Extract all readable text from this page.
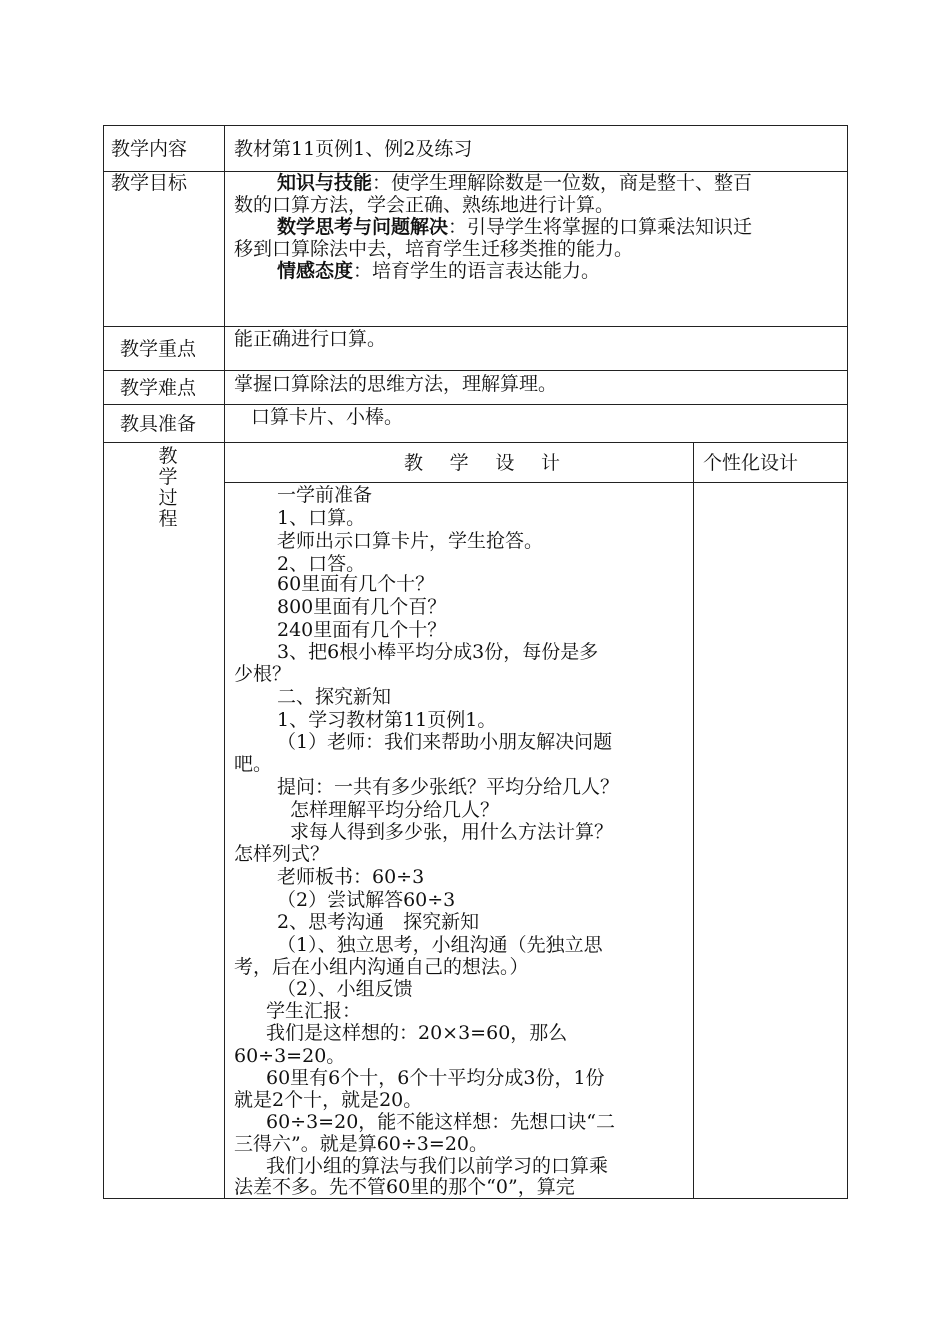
教学内容 教材第11页例1、例2及练习
教学目标	知识与技能：使学生理解除数是一位数，商是整十、整百
数的口算方法，学会正确、熟练地进行计算。
数学思考与问题解决：引导学生将掌握的口算乘法知识迁
移到口算除法中去，培育学生迁移类推的能力。
情感态度：培育学生的语言表达能力。
教学重点 能正确进行口算。
教学难点 掌握口算除法的思维方法，理解算理。
教具准备	口算卡片、小棒。
教
学
过
程
教 学 设 计	个性化设计
一学前准备
1、口算。
老师出示口算卡片，学生抢答。
2、口答。
60里面有几个十？
800里面有几个百？
240里面有几个十？
3、把6根小棒平均分成3份，每份是多
少根？
二、探究新知
1、学习教材第11页例1。
（1）老师：我们来帮助小朋友解决问题
吧。
提问：一共有多少张纸？平均分给几人？
怎样理解平均分给几人？
求每人得到多少张，用什么方法计算？
怎样列式？
老师板书：60÷3
（2）尝试解答60÷3
2、思考沟通　探究新知
（1）、独立思考，小组沟通（先独立思
考，后在小组内沟通自己的想法。）
（2）、小组反馈
学生汇报：
我们是这样想的：20×3=60，那么
60÷3=20。
60里有6个十，6个十平均分成3份，1份
就是2个十，就是20。
60÷3=20，能不能这样想：先想口诀“二
三得六”。就是算60÷3=20。
我们小组的算法与我们以前学习的口算乘
法差不多。先不管60里的那个“0”，算完
